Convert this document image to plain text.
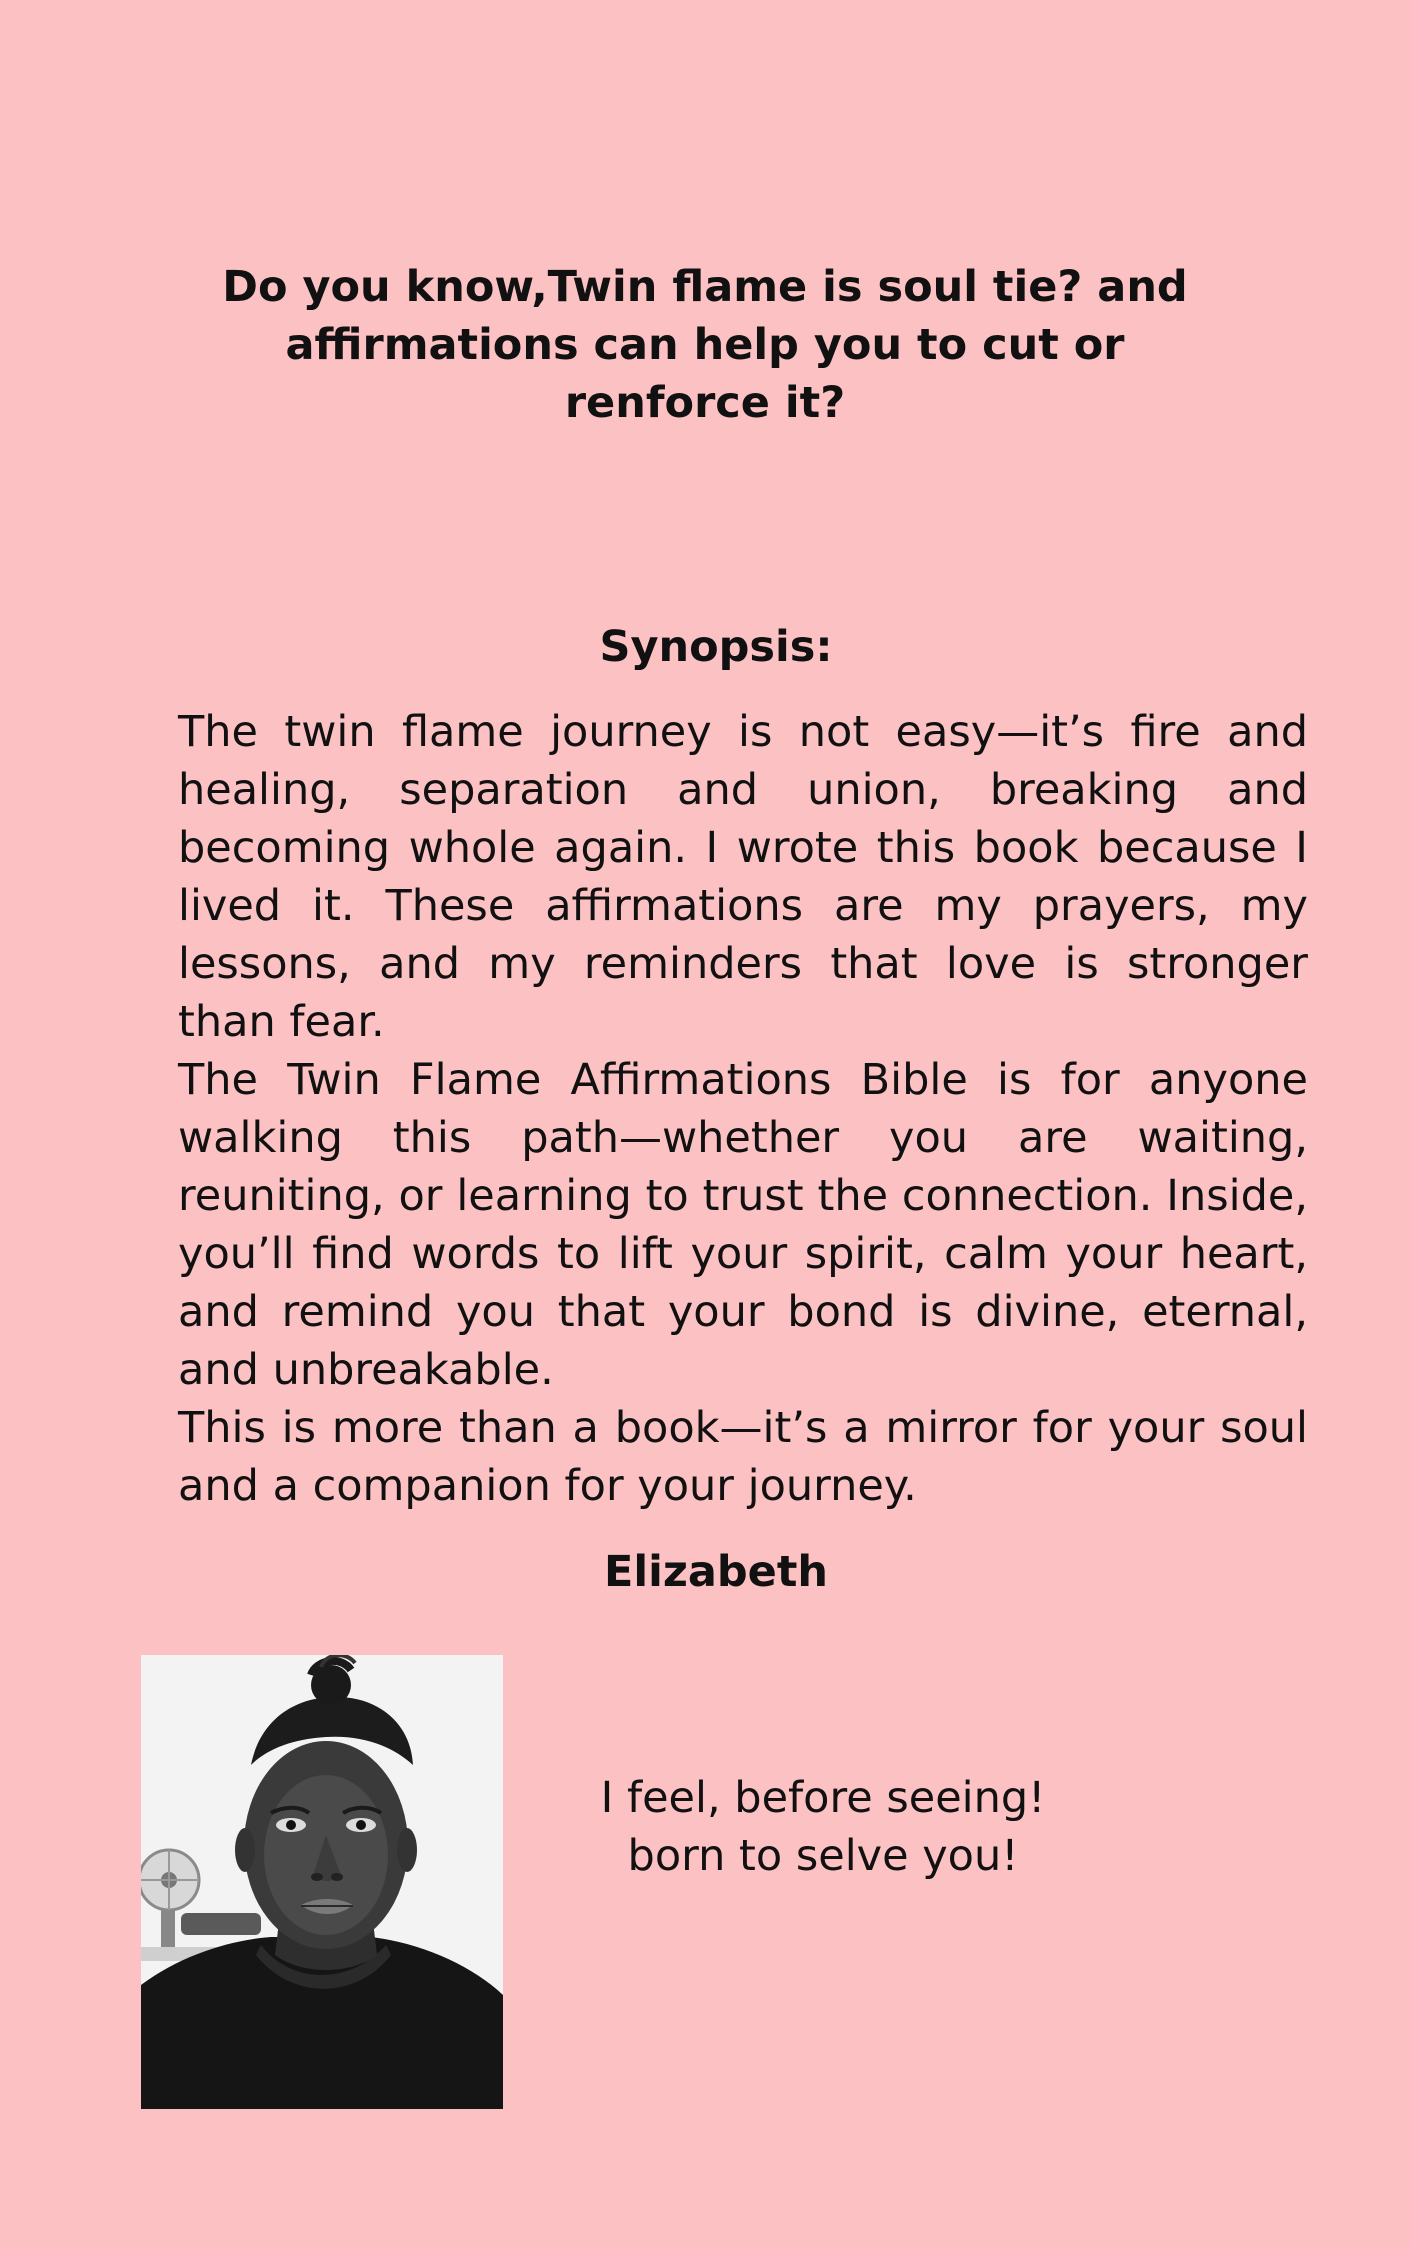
Do you know,Twin flame is soul tie? and affirmations can help you to cut or renforce it?
Synopsis:

The twin flame journey is not easy—it’s fire and healing, separation and union, breaking and becoming whole again. I wrote this book because I lived it. These affirmations are my prayers, my lessons, and my reminders that love is stronger than fear.

The Twin Flame Affirmations Bible is for anyone walking this path—whether you are waiting, reuniting, or learning to trust the connection. Inside, you’ll find words to lift your spirit, calm your heart, and remind you that your bond is divine, eternal, and unbreakable.

This is more than a book—it’s a mirror for your soul and a companion for your journey.

Elizabeth
I feel, before seeing!
born to selve you!
